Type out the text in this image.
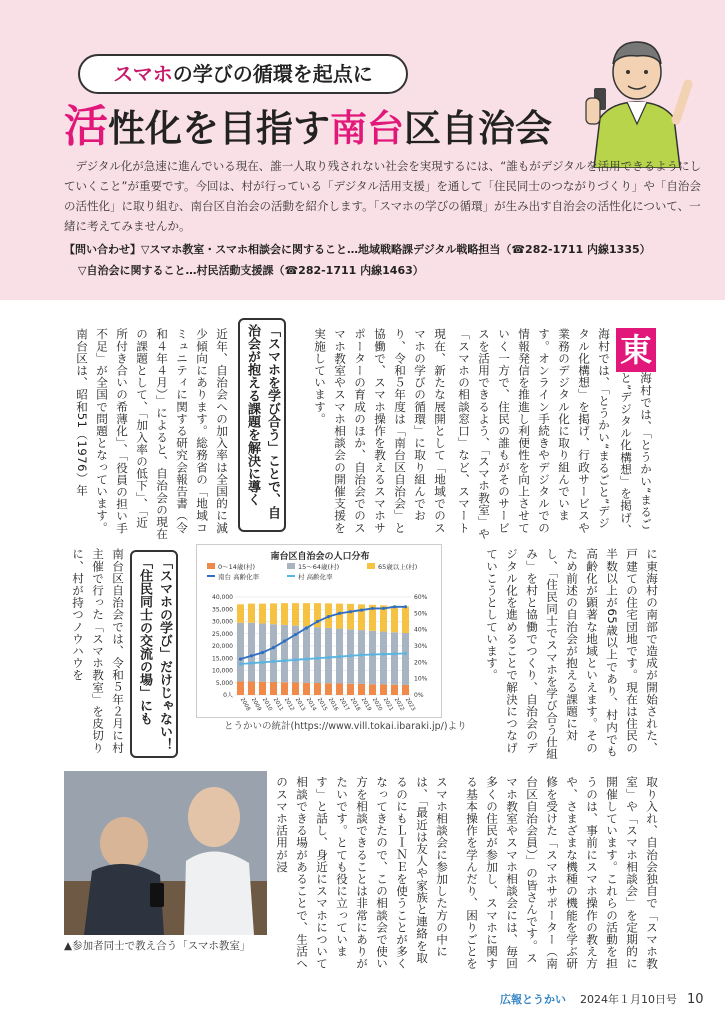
スマホの学びの循環を起点に
活性化を目指す南台区自治会

デジタル化が急速に進んでいる現在、誰一人取り残されない社会を実現するには、“誰もがデジタルを活用できるようにしていくこと”が重要です。今回は、村が行っている「デジタル活用支援」を通して「住民同士のつながりづくり」や「自治会の活性化」に取り組む、南台区自治会の活動を紹介します。「スマホの学びの循環」が生み出す自治会の活性化について、一緒に考えてみませんか。

【問い合わせ】▽スマホ教室・スマホ相談会に関すること…地域戦略課デジタル戦略担当（☎282-1711 内線1335）
▽自治会に関すること…村民活動支援課（☎282-1711 内線1463）
東

海村では、「とうかい“まるごと”デジタル化構想」を掲げ、

海村では、「とうかい“まるごと”デジタル化構想」を掲げ、行政サービスや業務のデジタル化に取り組んでいます。オンライン手続きやデジタルでの情報発信を推進し利便性を向上させていく一方で、住民の誰もがそのサービスを活用できるよう、「スマホ教室」や「スマホの相談窓口」など、スマート

現在、新たな展開として「地域でのスマホの学びの循環」に取り組んでおり、令和５年度は「南台区自治会」と協働で、スマホ操作を教えるスマホサポーターの育成のほか、自治会でのスマホ教室やスマホ相談会の開催支援を実施しています。

「スマホを学び合う」ことで、自治会が抱える課題を解決に導く

近年、自治会への加入率は全国的に減少傾向にあります。総務省の「地域コミュニティに関する研究会報告書（令和４年４月）」によると、自治会の現在の課題として、「加入率の低下」、「近所付き合いの希薄化」、「役員の担い手不足」が全国で問題となっています。南台区は、昭和51（1976）年

に東海村の南部で造成が開始された、戸建ての住宅団地です。現在は住民の半数以上が65歳以上であり、村内でも高齢化が顕著な地域といえます。そのため前述の自治会が抱える課題に対し、「住民同士でスマホを学び合う仕組み」を村と協働でつくり、自治会のデジタル化を進めることで解決につなげていこうとしています。

「スマホの学び」だけじゃない！「住民同士の交流の場」にも

南台区自治会では、令和５年２月に村主催で行った「スマホ教室」を皮切りに、村が持つノウハウを	南台区自治会の人口分布
0～14歳(村)	15～64歳(村)	65歳以上(村)
南台 高齢化率	村 高齢化率
40,000
35,000
30,000
25,000
20,000
15,000
10,000
5,000
0人
60%
50%
40%
30%
20%
10%
0%
2008
2009
2010
2011
2012
2013
2014
2015
2016
2017
2018
2019
2020
2021
2022
2023
とうかいの統計(https://www.vill.tokai.ibaraki.jp/)より

取り入れ、自治会独自で「スマホ教室」や「スマホ相談会」を定期的に開催しています。これらの活動を担うのは、事前にスマホ操作の教え方や、さまざまな機種の機能を学ぶ研修を受けた「スマホサポーター（南台区自治会員）」の皆さんです。スマホ教室やスマホ相談会には、毎回多くの住民が参加し、スマホに関する基本操作を学んだり、困りごとを

スマホ相談会に参加した方の中には、「最近は友人や家族と連絡を取るのにもＬＩＮＥを使うことが多くなってきたので、この相談会で使い方を相談できることは非常にありがたいです。とても役に立っています」と話し、身近にスマホについて相談できる場があることで、生活へのスマホ活用が浸

▲参加者同士で教え合う「スマホ教室」
広報とうかい 2024年１月10日号 10
